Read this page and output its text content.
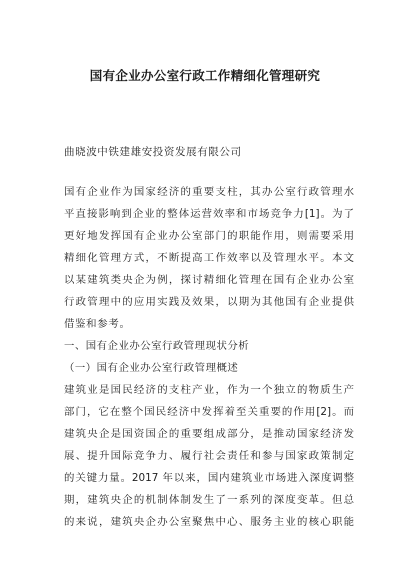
国有企业办公室行政工作精细化管理研究
曲晓波中铁建雄安投资发展有限公司
国有企业作为国家经济的重要支柱，其办公室行政管理水
平直接影响到企业的整体运营效率和市场竞争力[1]。为了
更好地发挥国有企业办公室部门的职能作用，则需要采用
精细化管理方式，不断提高工作效率以及管理水平。本文
以某建筑类央企为例，探讨精细化管理在国有企业办公室
行政管理中的应用实践及效果，以期为其他国有企业提供
借鉴和参考。
一、国有企业办公室行政管理现状分析
（一）国有企业办公室行政管理概述
建筑业是国民经济的支柱产业，作为一个独立的物质生产
部门，它在整个国民经济中发挥着至关重要的作用[2]。而
建筑央企是国资国企的重要组成部分，是推动国家经济发
展、提升国际竞争力、履行社会责任和参与国家政策制定
的关键力量。2017 年以来，国内建筑业市场进入深度调整
期，建筑央企的机制体制发生了一系列的深度变革。但总
的来说，建筑央企办公室聚焦中心、服务主业的核心职能
